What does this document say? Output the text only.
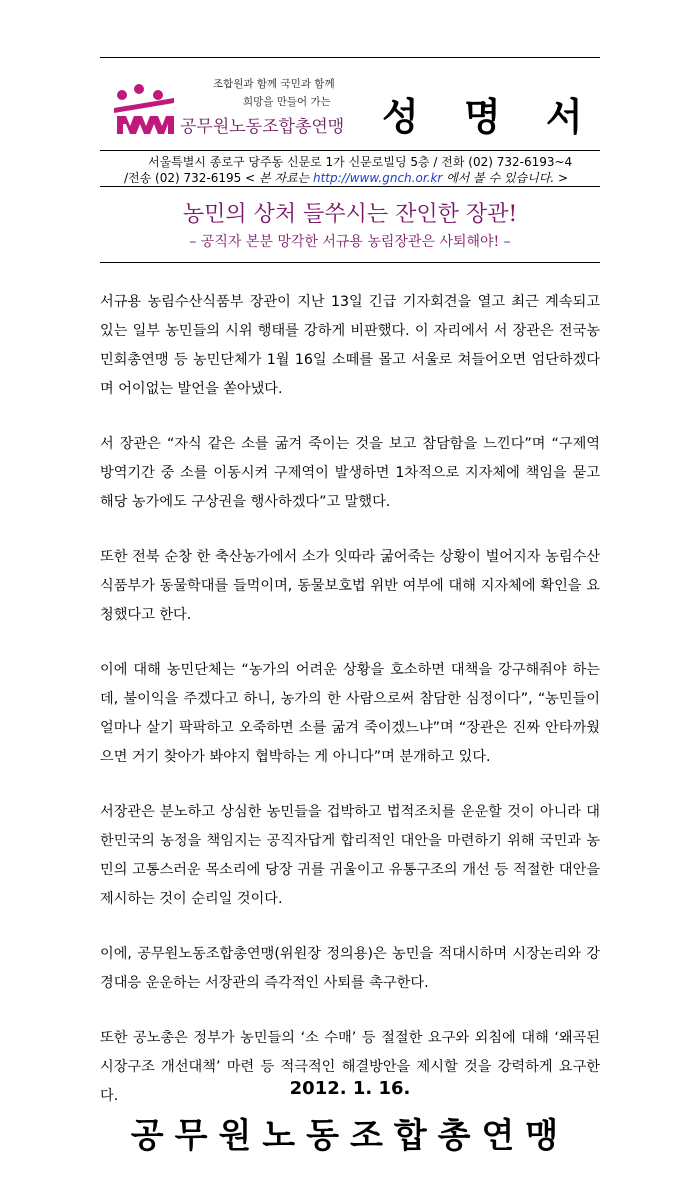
조합원과 함께 국민과 함께
희망을 만들어 가는
공무원노동조합총연맹 성 명 서
서울특별시 종로구 당주동 신문로 1가 신문로빌딩 5층 / 전화 (02) 732-6193~4
/전송 (02) 732-6195 < 본 자료는 http://www.gnch.or.kr 에서 볼 수 있습니다. >
농민의 상처 들쑤시는 잔인한 장관!
– 공직자 본분 망각한 서규용 농림장관은 사퇴해야! –

서규용 농림수산식품부 장관이 지난 13일 긴급 기자회견을 열고 최근 계속되고 있는 일부 농민들의 시위 행태를 강하게 비판했다. 이 자리에서 서 장관은 전국농민회총연맹 등 농민단체가 1월 16일 소떼를 몰고 서울로 쳐들어오면 엄단하겠다며 어이없는 발언을 쏟아냈다.

서 장관은 “자식 같은 소를 굶겨 죽이는 것을 보고 참담함을 느낀다”며 “구제역 방역기간 중 소를 이동시켜 구제역이 발생하면 1차적으로 지자체에 책임을 묻고 해당 농가에도 구상권을 행사하겠다”고 말했다.

또한 전북 순창 한 축산농가에서 소가 잇따라 굶어죽는 상황이 벌어지자 농림수산식품부가 동물학대를 들먹이며, 동물보호법 위반 여부에 대해 지자체에 확인을 요청했다고 한다.

이에 대해 농민단체는 “농가의 어려운 상황을 호소하면 대책을 강구해줘야 하는데, 불이익을 주겠다고 하니, 농가의 한 사람으로써 참담한 심정이다”, “농민들이 얼마나 살기 팍팍하고 오죽하면 소를 굶겨 죽이겠느냐”며 “장관은 진짜 안타까웠으면 거기 찾아가 봐야지 협박하는 게 아니다”며 분개하고 있다.

서장관은 분노하고 상심한 농민들을 겁박하고 법적조치를 운운할 것이 아니라 대한민국의 농정을 책임지는 공직자답게 합리적인 대안을 마련하기 위해 국민과 농민의 고통스러운 목소리에 당장 귀를 귀울이고 유통구조의 개선 등 적절한 대안을 제시하는 것이 순리일 것이다.

이에, 공무원노동조합총연맹(위원장 정의용)은 농민을 적대시하며 시장논리와 강경대응 운운하는 서장관의 즉각적인 사퇴를 촉구한다.

또한 공노총은 정부가 농민들의 ‘소 수매’ 등 절절한 요구와 외침에 대해 ‘왜곡된 시장구조 개선대책’ 마련 등 적극적인 해결방안을 제시할 것을 강력하게 요구한다.	2012. 1. 16.
공무원노동조합총연맹
